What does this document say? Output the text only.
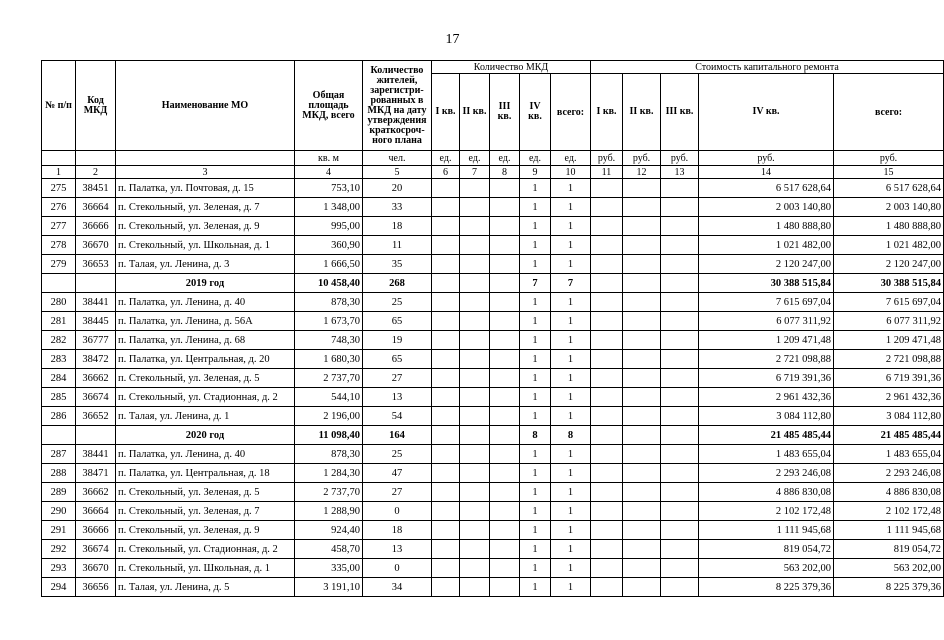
17
№ п/п	Код МКД	Наименование МО	Общая площадь МКД, всего	Количество жителей, зарегистри-рованных в МКД на дату утверждения краткосроч-ного плана	Количество МКД					Стоимость капитального ремонта				
					I кв.	II кв.	III кв.	IV кв.	всего:	I кв.	II кв.	III кв.	IV кв.	всего:
			кв. м	чел.	ед.	ед.	ед.	ед.	ед.	руб.	руб.	руб.	руб.	руб.
1	2	3	4	5	6	7	8	9	10	11	12	13	14	15
275	38451	п. Палатка, ул. Почтовая, д. 15	753,10	20				1	1				6 517 628,64	6 517 628,64
276	36664	п. Стекольный, ул. Зеленая, д. 7	1 348,00	33				1	1				2 003 140,80	2 003 140,80
277	36666	п. Стекольный, ул. Зеленая, д. 9	995,00	18				1	1				1 480 888,80	1 480 888,80
278	36670	п. Стекольный, ул. Школьная, д. 1	360,90	11				1	1				1 021 482,00	1 021 482,00
279	36653	п. Талая, ул. Ленина, д. 3	1 666,50	35				1	1				2 120 247,00	2 120 247,00
		2019 год	10 458,40	268				7	7				30 388 515,84	30 388 515,84
280	38441	п. Палатка, ул. Ленина, д. 40	878,30	25				1	1				7 615 697,04	7 615 697,04
281	38445	п. Палатка, ул. Ленина, д. 56А	1 673,70	65				1	1				6 077 311,92	6 077 311,92
282	36777	п. Палатка, ул. Ленина, д. 68	748,30	19				1	1				1 209 471,48	1 209 471,48
283	38472	п. Палатка, ул. Центральная, д. 20	1 680,30	65				1	1				2 721 098,88	2 721 098,88
284	36662	п. Стекольный, ул. Зеленая, д. 5	2 737,70	27				1	1				6 719 391,36	6 719 391,36
285	36674	п. Стекольный, ул. Стадионная, д. 2	544,10	13				1	1				2 961 432,36	2 961 432,36
286	36652	п. Талая, ул. Ленина, д. 1	2 196,00	54				1	1				3 084 112,80	3 084 112,80
		2020 год	11 098,40	164				8	8				21 485 485,44	21 485 485,44
287	38441	п. Палатка, ул. Ленина, д. 40	878,30	25				1	1				1 483 655,04	1 483 655,04
288	38471	п. Палатка, ул. Центральная, д. 18	1 284,30	47				1	1				2 293 246,08	2 293 246,08
289	36662	п. Стекольный, ул. Зеленая, д. 5	2 737,70	27				1	1				4 886 830,08	4 886 830,08
290	36664	п. Стекольный, ул. Зеленая, д. 7	1 288,90	0				1	1				2 102 172,48	2 102 172,48
291	36666	п. Стекольный, ул. Зеленая, д. 9	924,40	18				1	1				1 111 945,68	1 111 945,68
292	36674	п. Стекольный, ул. Стадионная, д. 2	458,70	13				1	1				819 054,72	819 054,72
293	36670	п. Стекольный, ул. Школьная, д. 1	335,00	0				1	1				563 202,00	563 202,00
294	36656	п. Талая, ул. Ленина, д. 5	3 191,10	34				1	1				8 225 379,36	8 225 379,36
